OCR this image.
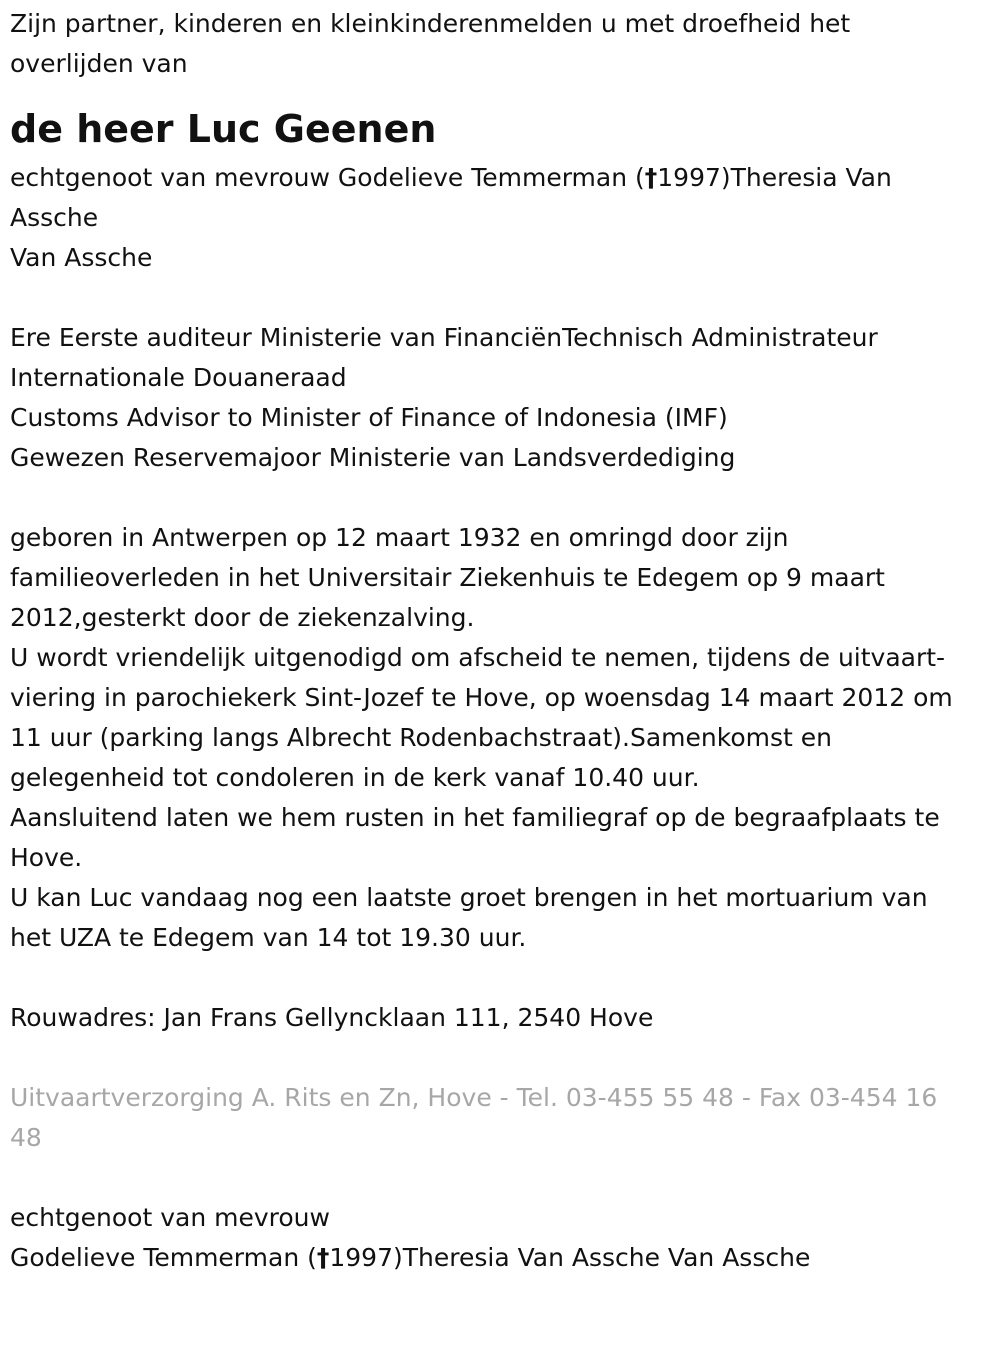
Zijn partner, kinderen en kleinkinderenmelden u met droefheid het overlijden van

de heer Luc Geenen

echtgenoot van mevrouw Godelieve Temmerman (†1997)Theresia Van Assche

Van Assche

Ere Eerste auditeur Ministerie van FinanciënTechnisch Administrateur Internationale Douaneraad

Customs Advisor to Minister of Finance of Indonesia (IMF)

Gewezen Reservemajoor Ministerie van Landsverdediging

geboren in Antwerpen op 12 maart 1932 en omringd door zijn familieoverleden in het Universitair Ziekenhuis te Edegem op 9 maart 2012,gesterkt door de ziekenzalving.

U wordt vriendelijk uitgenodigd om afscheid te nemen, tijdens de uitvaart-viering in parochiekerk Sint-Jozef te Hove, op woensdag 14 maart 2012 om 11 uur (parking langs Albrecht Rodenbachstraat).Samenkomst en gelegenheid tot condoleren in de kerk vanaf 10.40 uur.

Aansluitend laten we hem rusten in het familiegraf op de begraafplaats te Hove.

U kan Luc vandaag nog een laatste groet brengen in het mortuarium van het UZA te Edegem van 14 tot 19.30 uur.

Rouwadres: Jan Frans Gellyncklaan 111, 2540 Hove

Uitvaartverzorging A. Rits en Zn, Hove - Tel. 03-455 55 48 - Fax 03-454 16 48

echtgenoot van mevrouw

Godelieve Temmerman (†1997)Theresia Van Assche Van Assche
